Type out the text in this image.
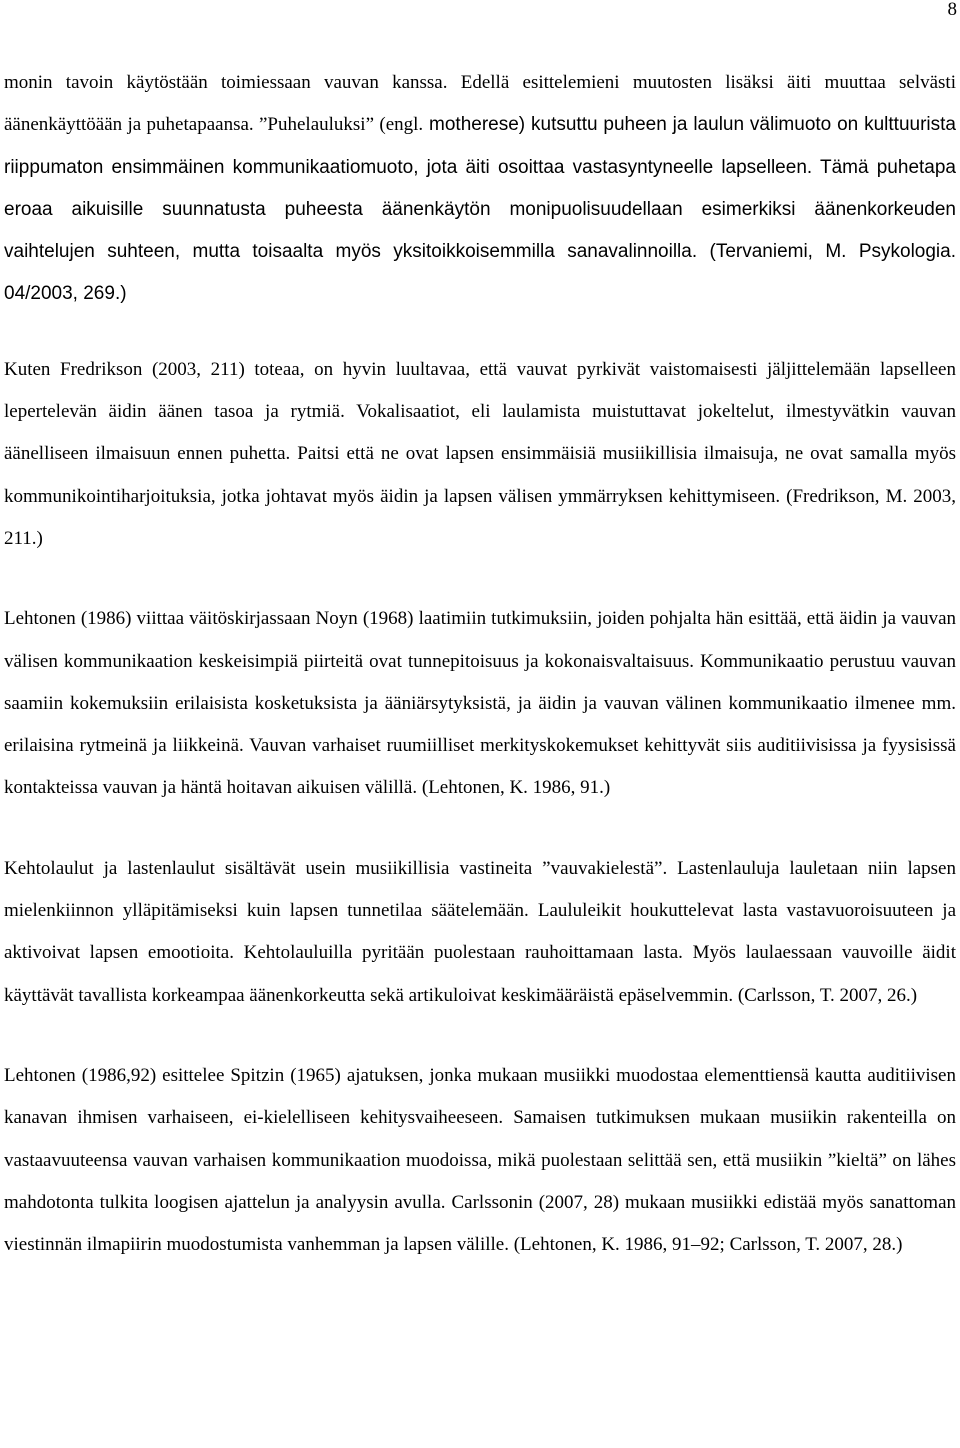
8

monin tavoin käytöstään toimiessaan vauvan kanssa. Edellä esittelemieni muutosten lisäksi äiti muuttaa selvästi äänenkäyttöään ja puhetapaansa. ”Puhelauluksi” (engl. motherese) kutsuttu puheen ja laulun välimuoto on kulttuurista riippumaton ensimmäinen kommunikaatiomuoto, jota äiti osoittaa vastasyntyneelle lapselleen. Tämä puhetapa eroaa aikuisille suunnatusta puheesta äänenkäytön monipuolisuudellaan esimerkiksi äänenkorkeuden vaihtelujen suhteen, mutta toisaalta myös yksitoikkoisemmilla sanavalinnoilla. (Tervaniemi, M. Psykologia. 04/2003, 269.)

Kuten Fredrikson (2003, 211) toteaa, on hyvin luultavaa, että vauvat pyrkivät vaistomaisesti jäljittelemään lapselleen lepertelevän äidin äänen tasoa ja rytmiä. Vokalisaatiot, eli laulamista muistuttavat jokeltelut, ilmestyvätkin vauvan äänelliseen ilmaisuun ennen puhetta. Paitsi että ne ovat lapsen ensimmäisiä musiikillisia ilmaisuja, ne ovat samalla myös kommunikointiharjoituksia, jotka johtavat myös äidin ja lapsen välisen ymmärryksen kehittymiseen. (Fredrikson, M. 2003, 211.)

Lehtonen (1986) viittaa väitöskirjassaan Noyn (1968) laatimiin tutkimuksiin, joiden pohjalta hän esittää, että äidin ja vauvan välisen kommunikaation keskeisimpiä piirteitä ovat tunnepitoisuus ja kokonaisvaltaisuus. Kommunikaatio perustuu vauvan saamiin kokemuksiin erilaisista kosketuksista ja ääniärsytyksistä, ja äidin ja vauvan välinen kommunikaatio ilmenee mm. erilaisina rytmeinä ja liikkeinä. Vauvan varhaiset ruumiilliset merkityskokemukset kehittyvät siis auditiivisissa ja fyysisissä kontakteissa vauvan ja häntä hoitavan aikuisen välillä. (Lehtonen, K. 1986, 91.)

Kehtolaulut ja lastenlaulut sisältävät usein musiikillisia vastineita ”vauvakielestä”. Lastenlauluja lauletaan niin lapsen mielenkiinnon ylläpitämiseksi kuin lapsen tunnetilaa säätelemään. Laululeikit houkuttelevat lasta vastavuoroisuuteen ja aktivoivat lapsen emootioita. Kehtolauluilla pyritään puolestaan rauhoittamaan lasta. Myös laulaessaan vauvoille äidit käyttävät tavallista korkeampaa äänenkorkeutta sekä artikuloivat keskimääräistä epäselvemmin. (Carlsson, T. 2007, 26.)

Lehtonen (1986,92) esittelee Spitzin (1965) ajatuksen, jonka mukaan musiikki muodostaa elementtiensä kautta auditiivisen kanavan ihmisen varhaiseen, ei-kielelliseen kehitysvaiheeseen. Samaisen tutkimuksen mukaan musiikin rakenteilla on vastaavuuteensa vauvan varhaisen kommunikaation muodoissa, mikä puolestaan selittää sen, että musiikin ”kieltä” on lähes mahdotonta tulkita loogisen ajattelun ja analyysin avulla. Carlssonin (2007, 28) mukaan musiikki edistää myös sanattoman viestinnän ilmapiirin muodostumista vanhemman ja lapsen välille. (Lehtonen, K. 1986, 91–92; Carlsson, T. 2007, 28.)
